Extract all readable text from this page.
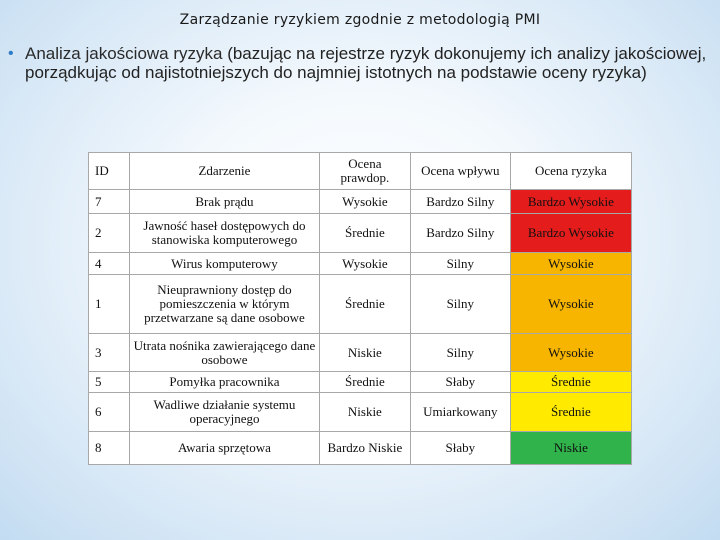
Zarządzanie ryzykiem zgodnie z metodologią PMI
• Analiza jakościowa ryzyka (bazując na rejestrze ryzyk dokonujemy ich analizy jakościowej, porządkując od najistotniejszych do najmniej istotnych na podstawie oceny ryzyka)
ID	Zdarzenie	Ocena prawdop.	Ocena wpływu	Ocena ryzyka
7	Brak prądu	Wysokie	Bardzo Silny	Bardzo Wysokie
2	Jawność haseł dostępowych do stanowiska komputerowego	Średnie	Bardzo Silny	Bardzo Wysokie
4	Wirus komputerowy	Wysokie	Silny	Wysokie
1	Nieuprawniony dostęp do pomieszczenia w którym przetwarzane są dane osobowe	Średnie	Silny	Wysokie
3	Utrata nośnika zawierającego dane osobowe	Niskie	Silny	Wysokie
5	Pomyłka pracownika	Średnie	Słaby	Średnie
6	Wadliwe działanie systemu operacyjnego	Niskie	Umiarkowany	Średnie
8	Awaria sprzętowa	Bardzo Niskie	Słaby	Niskie
